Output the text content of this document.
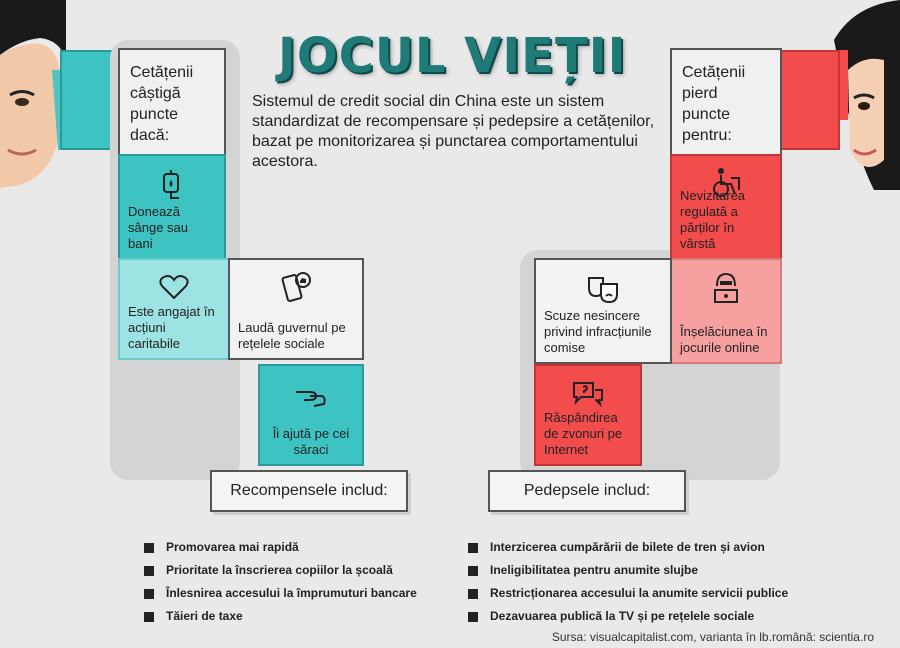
JOCUL VIEȚII

Sistemul de credit social din China este un sistem standardizat de recompensare și pedepsire a cetățenilor, bazat pe monitorizarea și punctarea comportamentului acestora.

Cetățenii câștigă puncte dacă:
Donează sânge sau bani
Este angajat în acțiuni caritabile
Laudă guvernul pe rețelele sociale
Îi ajută pe cei săraci
Recompensele includ:
Cetățenii pierd puncte pentru:
Nevizitarea regulată a părților în vârstă
Înșelăciunea în jocurile online
Scuze nesincere privind infracțiunile comise
Răspândirea de zvonuri pe Internet
Pedepsele includ:
Promovarea mai rapidă
Prioritate la înscrierea copiilor la școală
Înlesnirea accesului la împrumuturi bancare
Tăieri de taxe
Interzicerea cumpărării de bilete de tren și avion
Ineligibilitatea pentru anumite slujbe
Restricționarea accesului la anumite servicii publice
Dezavuarea publică la TV și pe rețelele sociale
Sursa: visualcapitalist.com, varianta în lb.română: scientia.ro
